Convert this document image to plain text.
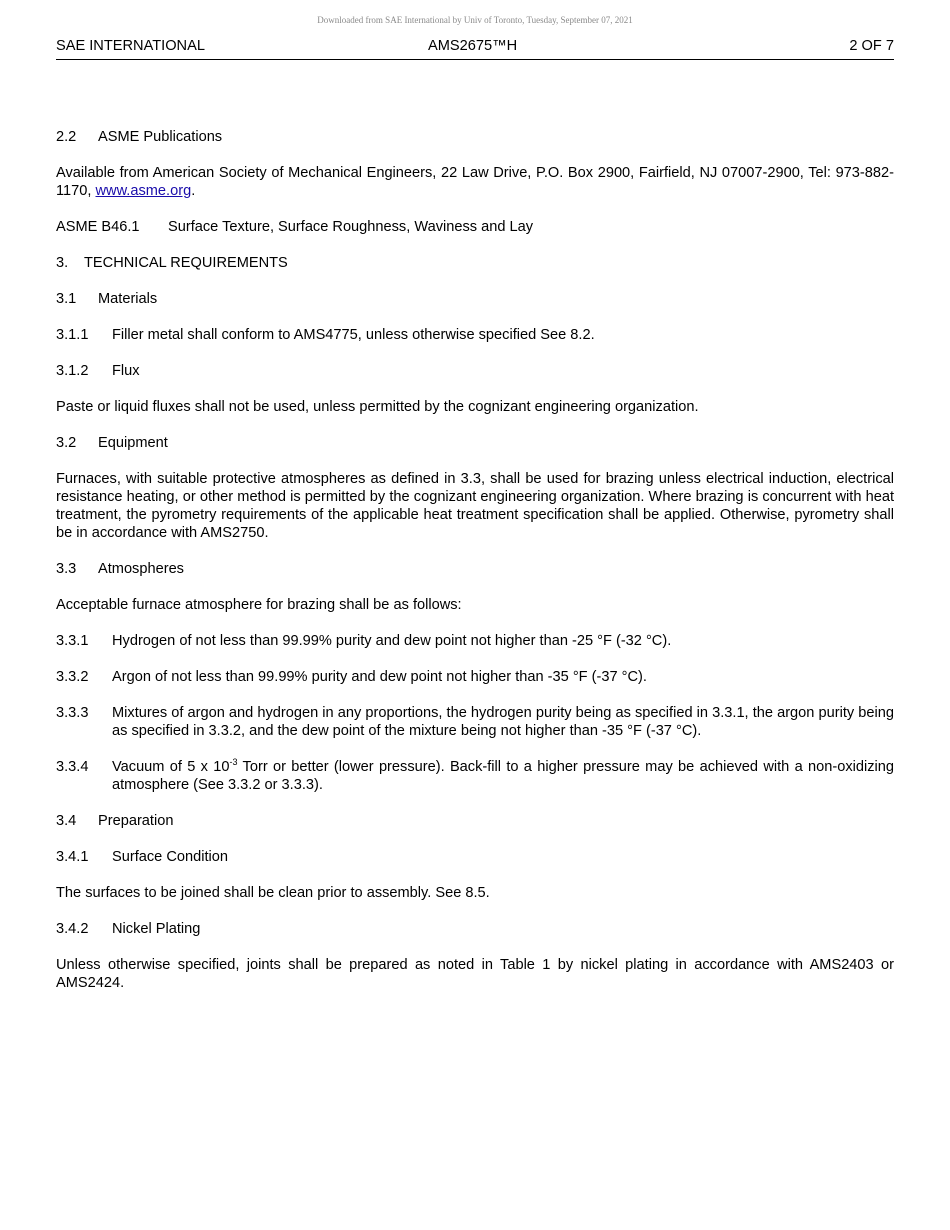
Downloaded from SAE International by Univ of Toronto, Tuesday, September 07, 2021
SAE INTERNATIONAL	AMS2675™H	2 OF 7
2.2 ASME Publications
Available from American Society of Mechanical Engineers, 22 Law Drive, P.O. Box 2900, Fairfield, NJ 07007-2900, Tel: 973-882-1170, www.asme.org.
ASME B46.1 Surface Texture, Surface Roughness, Waviness and Lay
3. TECHNICAL REQUIREMENTS
3.1 Materials
3.1.1	Filler metal shall conform to AMS4775, unless otherwise specified See 8.2.
3.1.2 Flux
Paste or liquid fluxes shall not be used, unless permitted by the cognizant engineering organization.
3.2 Equipment
Furnaces, with suitable protective atmospheres as defined in 3.3, shall be used for brazing unless electrical induction, electrical resistance heating, or other method is permitted by the cognizant engineering organization. Where brazing is concurrent with heat treatment, the pyrometry requirements of the applicable heat treatment specification shall be applied. Otherwise, pyrometry shall be in accordance with AMS2750.
3.3 Atmospheres
Acceptable furnace atmosphere for brazing shall be as follows:
3.3.1	Hydrogen of not less than 99.99% purity and dew point not higher than -25 °F (-32 °C).
3.3.2	Argon of not less than 99.99% purity and dew point not higher than -35 °F (-37 °C).
3.3.3	Mixtures of argon and hydrogen in any proportions, the hydrogen purity being as specified in 3.3.1, the argon purity being as specified in 3.3.2, and the dew point of the mixture being not higher than -35 °F (-37 °C).
3.3.4	Vacuum of 5 x $10^{-3}$ Torr or better (lower pressure). Back-fill to a higher pressure may be achieved with a non-oxidizing atmosphere (See 3.3.2 or 3.3.3).
3.4 Preparation
3.4.1 Surface Condition
The surfaces to be joined shall be clean prior to assembly. See 8.5.
3.4.2 Nickel Plating
Unless otherwise specified, joints shall be prepared as noted in Table 1 by nickel plating in accordance with AMS2403 or AMS2424.
